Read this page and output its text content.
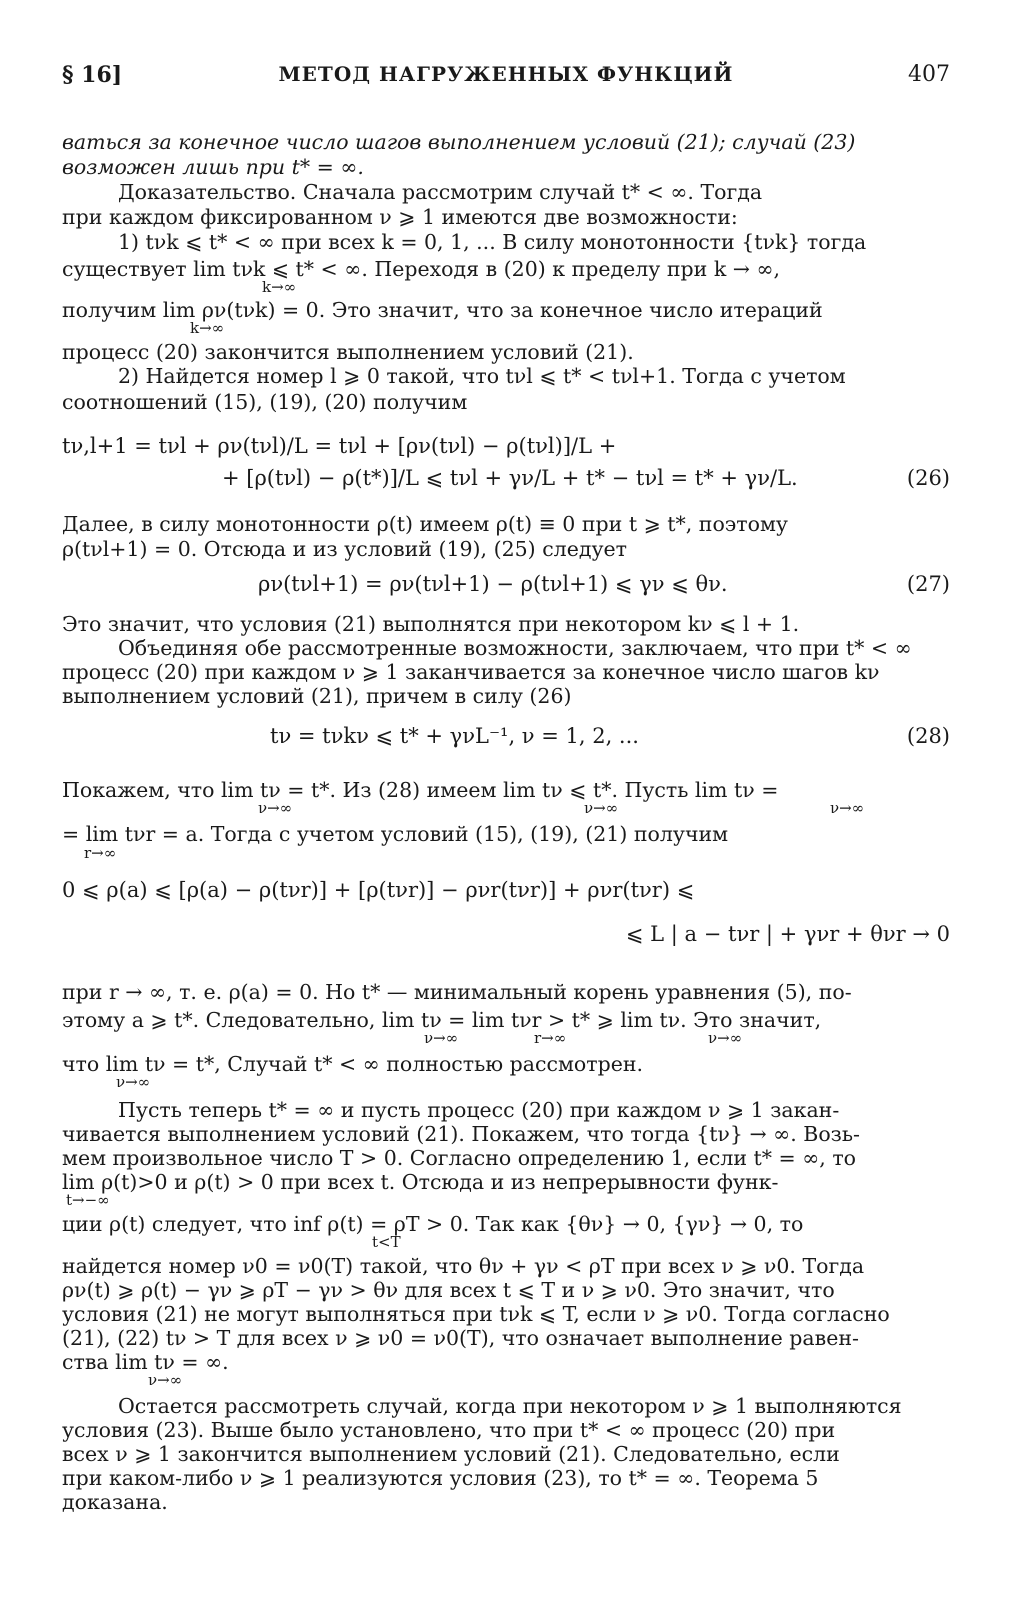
§ 16]	МЕТОД НАГРУЖЕННЫХ ФУНКЦИЙ	407
ваться за конечное число шагов выполнением условий (21); случай (23)
возможен лишь при t* = ∞.
Доказательство. Сначала рассмотрим случай t* < ∞. Тогда
при каждом фиксированном ν ⩾ 1 имеются две возможности:
1) tνk ⩽ t* < ∞ при всех k = 0, 1, ... В силу монотонности {tνk} тогда
существует lim tνk ⩽ t* < ∞. Переходя в (20) к пределу при k → ∞,
k→∞
получим lim ρν(tνk) = 0. Это значит, что за конечное число итераций
k→∞
процесс (20) закончится выполнением условий (21).
2) Найдется номер l ⩾ 0 такой, что tνl ⩽ t* < tνl+1. Тогда с учетом
соотношений (15), (19), (20) получим
tν,l+1 = tνl + ρν(tνl)/L = tνl + [ρν(tνl) − ρ(tνl)]/L +
+ [ρ(tνl) − ρ(t*)]/L ⩽ tνl + γν/L + t* − tνl = t* + γν/L.	(26)
Далее, в силу монотонности ρ(t) имеем ρ(t) ≡ 0 при t ⩾ t*, поэтому
ρ(tνl+1) = 0. Отсюда и из условий (19), (25) следует
ρν(tνl+1) = ρν(tνl+1) − ρ(tνl+1) ⩽ γν ⩽ θν.	(27)
Это значит, что условия (21) выполнятся при некотором kν ⩽ l + 1.
Объединяя обе рассмотренные возможности, заключаем, что при t* < ∞
процесс (20) при каждом ν ⩾ 1 заканчивается за конечное число шагов kν
выполнением условий (21), причем в силу (26)
tν = tνkν ⩽ t* + γνL⁻¹, ν = 1, 2, ...	(28)
Покажем, что lim tν = t*. Из (28) имеем lim tν ⩽ t*. Пусть lim tν =
ν→∞	ν→∞	ν→∞
= lim tνr = a. Тогда с учетом условий (15), (19), (21) получим
r→∞
0 ⩽ ρ(a) ⩽ [ρ(a) − ρ(tνr)] + [ρ(tνr)] − ρνr(tνr)] + ρνr(tνr) ⩽
⩽ L | a − tνr | + γνr + θνr → 0
при r → ∞, т. е. ρ(a) = 0. Но t* — минимальный корень уравнения (5), по-
этому a ⩾ t*. Следовательно, lim tν = lim tνr > t* ⩾ lim tν. Это значит,
ν→∞	r→∞	ν→∞
что lim tν = t*, Случай t* < ∞ полностью рассмотрен.
ν→∞
Пусть теперь t* = ∞ и пусть процесс (20) при каждом ν ⩾ 1 закан-
чивается выполнением условий (21). Покажем, что тогда {tν} → ∞. Возь-
мем произвольное число T > 0. Согласно определению 1, если t* = ∞, то
lim ρ(t)>0 и ρ(t) > 0 при всех t. Отсюда и из непрерывности функ-
t→−∞
ции ρ(t) следует, что inf ρ(t) = ρT > 0. Так как {θν} → 0, {γν} → 0, то
t<T
найдется номер ν0 = ν0(T) такой, что θν + γν < ρT при всех ν ⩾ ν0. Тогда
ρν(t) ⩾ ρ(t) − γν ⩾ ρT − γν > θν для всех t ⩽ T и ν ⩾ ν0. Это значит, что
условия (21) не могут выполняться при tνk ⩽ T, если ν ⩾ ν0. Тогда согласно
(21), (22) tν > T для всех ν ⩾ ν0 = ν0(T), что означает выполнение равен-
ства lim tν = ∞.
ν→∞
Остается рассмотреть случай, когда при некотором ν ⩾ 1 выполняются
условия (23). Выше было установлено, что при t* < ∞ процесс (20) при
всех ν ⩾ 1 закончится выполнением условий (21). Следовательно, если
при каком-либо ν ⩾ 1 реализуются условия (23), то t* = ∞. Теорема 5
доказана.
